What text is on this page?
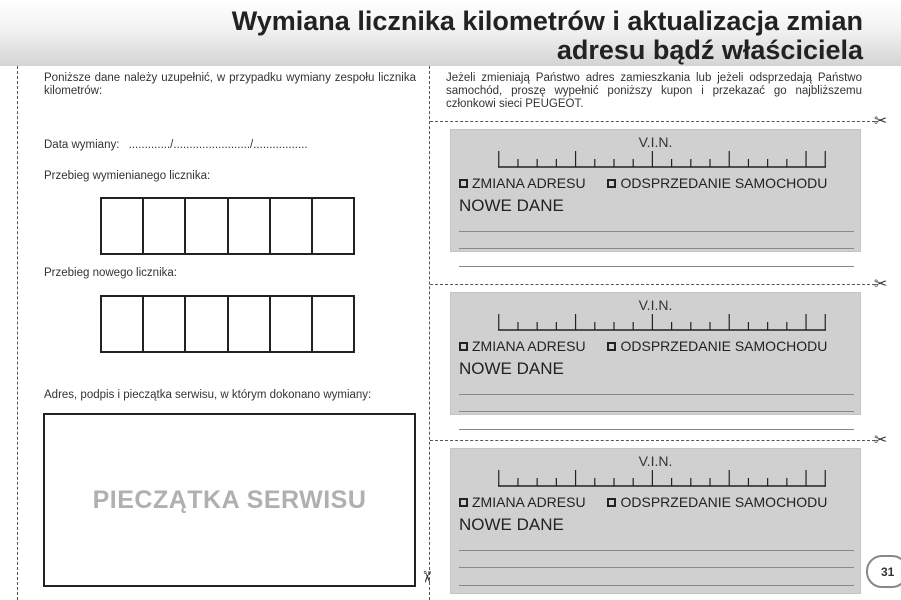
Wymiana licznika kilometrów i aktualizacja zmian
adresu bądź właściciela
✂
✂
✂
✂
Poniższe dane należy uzupełnić, w przypadku wymiany zespołu licznika kilometrów:
Data wymiany: ............./......................../.................
Przebieg wymienianego licznika:
Przebieg nowego licznika:
Adres, podpis i pieczątka serwisu, w którym dokonano wymiany:
PIECZĄTKA SERWISU
Jeżeli zmieniają Państwo adres zamieszkania lub jeżeli odsprzedają Państwo samochód, proszę wypełnić poniższy kupon i przekazać go najbliższemu członkowi sieci PEUGEOT.
V.I.N.
ZMIANA ADRESU ODSPRZEDANIE SAMOCHODU
NOWE DANE
V.I.N.
ZMIANA ADRESU ODSPRZEDANIE SAMOCHODU
NOWE DANE
V.I.N.
ZMIANA ADRESU ODSPRZEDANIE SAMOCHODU
NOWE DANE
31
